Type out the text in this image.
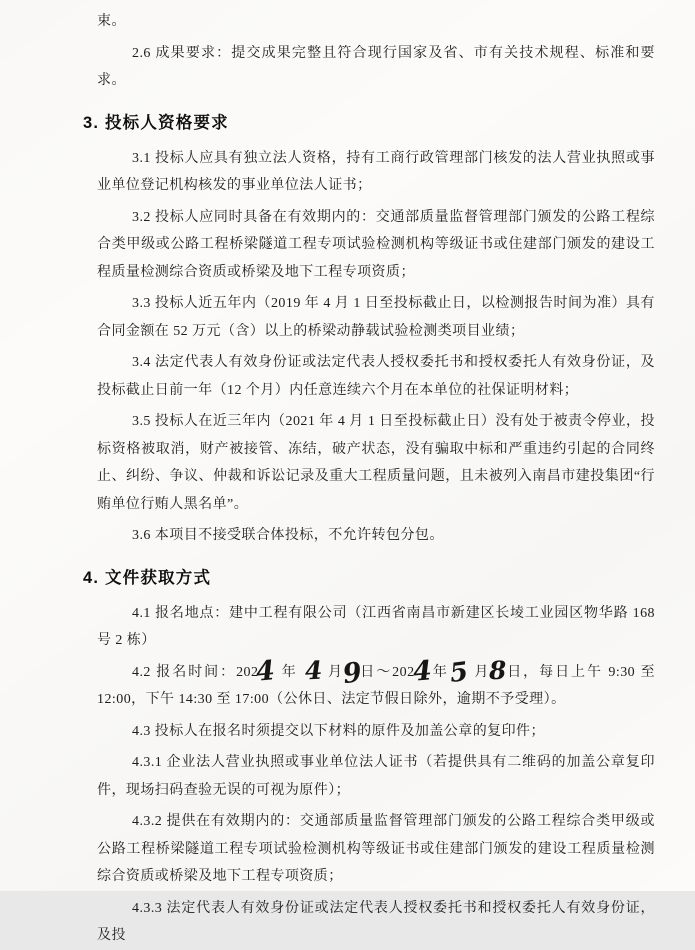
束。

2.6 成果要求：提交成果完整且符合现行国家及省、市有关技术规程、标准和要求。

3. 投标人资格要求

3.1 投标人应具有独立法人资格，持有工商行政管理部门核发的法人营业执照或事业单位登记机构核发的事业单位法人证书；

3.2 投标人应同时具备在有效期内的：交通部质量监督管理部门颁发的公路工程综合类甲级或公路工程桥梁隧道工程专项试验检测机构等级证书或住建部门颁发的建设工程质量检测综合资质或桥梁及地下工程专项资质；

3.3 投标人近五年内（2019 年 4 月 1 日至投标截止日，以检测报告时间为准）具有合同金额在 52 万元（含）以上的桥梁动静载试验检测类项目业绩；

3.4 法定代表人有效身份证或法定代表人授权委托书和授权委托人有效身份证，及投标截止日前一年（12 个月）内任意连续六个月在本单位的社保证明材料；

3.5 投标人在近三年内（2021 年 4 月 1 日至投标截止日）没有处于被责令停业，投标资格被取消，财产被接管、冻结，破产状态，没有骗取中标和严重违约引起的合同终止、纠纷、争议、仲裁和诉讼记录及重大工程质量问题，且未被列入南昌市建投集团“行贿单位行贿人黑名单”。

3.6 本项目不接受联合体投标，不允许转包分包。

4. 文件获取方式

4.1 报名地点：建中工程有限公司（江西省南昌市新建区长堎工业园区物华路 168 号 2 栋）

4.2 报名时间：2024 年 4 月9日～2024年5 月8日，每日上午 9:30 至 12:00，下午 14:30 至 17:00（公休日、法定节假日除外，逾期不予受理）。

4.3 投标人在报名时须提交以下材料的原件及加盖公章的复印件；

4.3.1 企业法人营业执照或事业单位法人证书（若提供具有二维码的加盖公章复印件，现场扫码查验无误的可视为原件）；

4.3.2 提供在有效期内的：交通部质量监督管理部门颁发的公路工程综合类甲级或公路工程桥梁隧道工程专项试验检测机构等级证书或住建部门颁发的建设工程质量检测综合资质或桥梁及地下工程专项资质；

4.3.3 法定代表人有效身份证或法定代表人授权委托书和授权委托人有效身份证，及投
